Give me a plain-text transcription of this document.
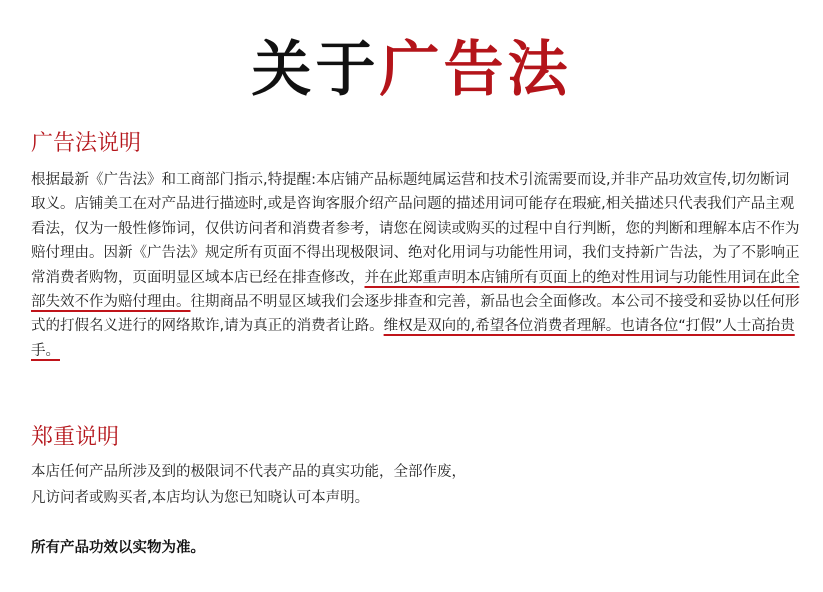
关于广告法
广告法说明

根据最新《广告法》和工商部门指示,特提醒:本店铺产品标题纯属运营和技术引流需要而设,并非产品功效宣传,切勿断词取义。店铺美工在对产品进行描迹时,或是咨询客服介绍产品问题的描述用词可能存在瑕疵,相关描述只代表我们产品主观看法，仅为一般性修饰词，仅供访问者和消费者参考，请您在阅读或购买的过程中自行判断，您的判断和理解本店不作为赔付理由。因新《广告法》规定所有页面不得出现极限词、绝对化用词与功能性用词，我们支持新广告法，为了不影响正常消费者购物，页面明显区域本店已经在排查修改，并在此郑重声明本店铺所有页面上的绝对性用词与功能性用词在此全部失效不作为赔付理由。往期商品不明显区域我们会逐步排查和完善，新品也会全面修改。本公司不接受和妥协以任何形式的打假名义进行的网络欺诈,请为真正的消费者让路。维权是双向的,希望各位消费者理解。也请各位“打假”人士高抬贵手。

郑重说明

本店任何产品所涉及到的极限词不代表产品的真实功能，全部作废，

凡访问者或购买者,本店均认为您已知晓认可本声明。

所有产品功效以实物为准。
